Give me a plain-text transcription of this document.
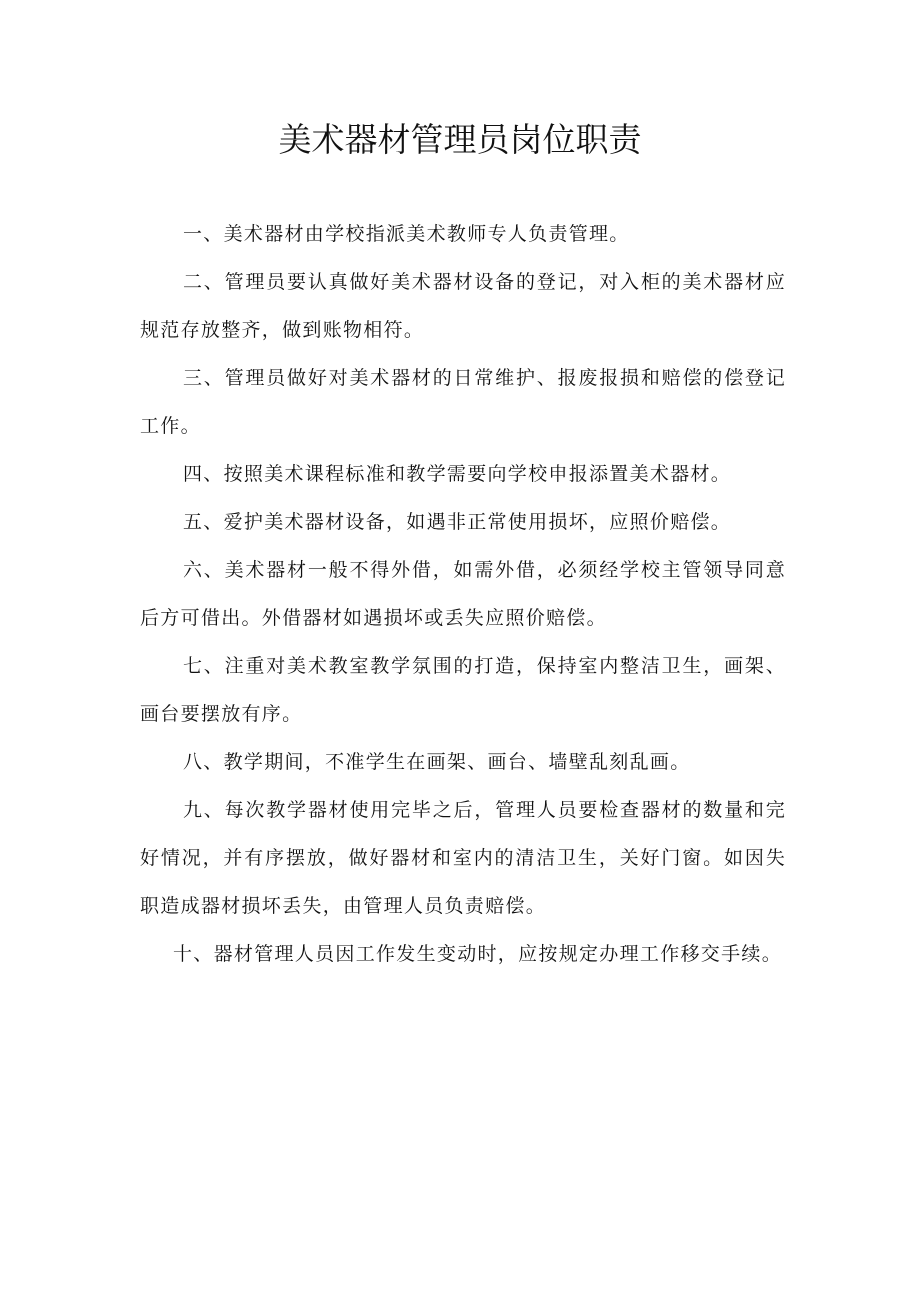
美术器材管理员岗位职责

一、美术器材由学校指派美术教师专人负责管理。

二、管理员要认真做好美术器材设备的登记，对入柜的美术器材应规范存放整齐，做到账物相符。

三、管理员做好对美术器材的日常维护、报废报损和赔偿的偿登记工作。

四、按照美术课程标准和教学需要向学校申报添置美术器材。

五、爱护美术器材设备，如遇非正常使用损坏，应照价赔偿。

六、美术器材一般不得外借，如需外借，必须经学校主管领导同意后方可借出。外借器材如遇损坏或丢失应照价赔偿。

七、注重对美术教室教学氛围的打造，保持室内整洁卫生，画架、画台要摆放有序。

八、教学期间，不准学生在画架、画台、墙壁乱刻乱画。

九、每次教学器材使用完毕之后，管理人员要检查器材的数量和完好情况，并有序摆放，做好器材和室内的清洁卫生，关好门窗。如因失职造成器材损坏丢失，由管理人员负责赔偿。

十、器材管理人员因工作发生变动时，应按规定办理工作移交手续。
